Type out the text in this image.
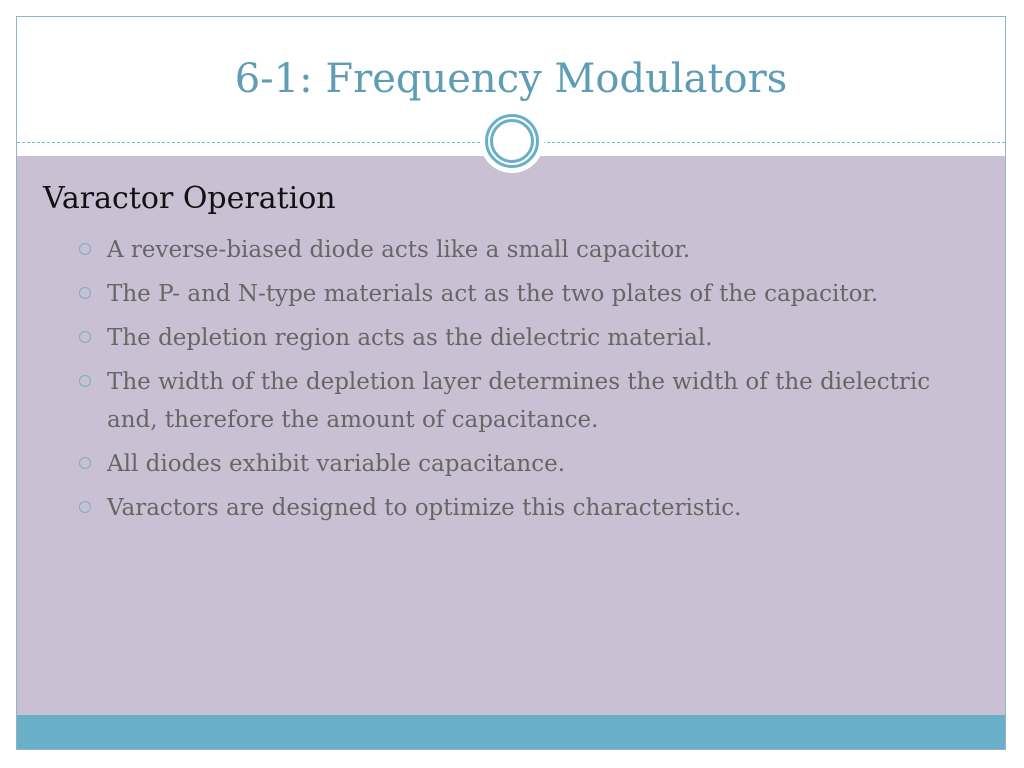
6-1: Frequency Modulators
Varactor Operation
A reverse-biased diode acts like a small capacitor.
The P- and N-type materials act as the two plates of the capacitor.
The depletion region acts as the dielectric material.
The width of the depletion layer determines the width of the dielectric and, therefore the amount of capacitance.
All diodes exhibit variable capacitance.
Varactors are designed to optimize this characteristic.
